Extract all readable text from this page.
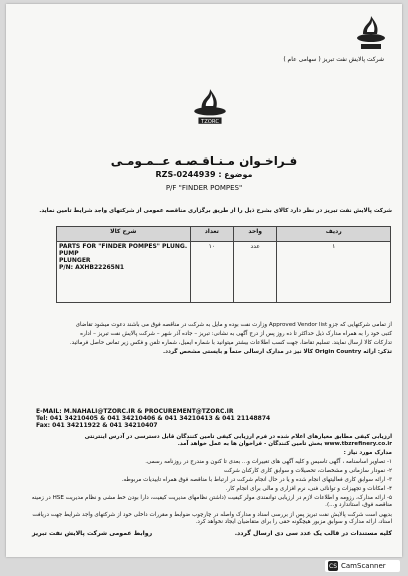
شرکت پالایش نفت تبریز ( سهامی عام )
TZORC
فـراخـوان مـنـاقـصـه عــمـومـی
موضوع : RZS-0244939
P/F "FINDER POMPES"
شرکت پالایش نفت تبریز در نظر دارد کالای بشرح ذیل را از طریق برگزاری مناقصه عمومی از شرکتهای واجد شرایط تامین نماید.
شرح کالا	تعداد	واحد	ردیف

PARTS FOR "FINDER POMPES" PLUNG. PUMP
PLUNGER
P/N: AXHB22265N1	۱۰	عدد	۱
از تمامی شرکتهایی که جزو Approved Vendor list وزارت نفت بوده و مایل به شرکت در مناقصه فوق می باشند دعوت میشود تقاضای
کتبی خود را به همراه مدارک ذیل حداکثر تا ده روز پس از درج آگهی به نشانی: تبریز – جاده آذر شهر – شرکت پالایش نفت تبریز – اداره
تدارکات کالا ارسال نمایند. تسلیم تقاضا، جهت کسب اطلاعات بیشتر میتوانید با شماره ایمیل، شماره تلفن و فکس زیر تماس حاصل فرمائید.
تذکر: ارائه Origin Country کالا نیز در مدارک ارسالی حتماً و بایستی مشخص گردد.
E-MAIL: M.NAHALI@TZORC.IR & PROCUREMENT@TZORC.IR
Tel: 041 34210405 & 041 34210406 & 041 34210413 & 041 21148874
Fax: 041 34211922 & 041 34210407
ارزیابی کیفی مطابق معیارهای اعلام شده در فرم ارزیابی کیفی تامین کنندگان قابل دسترسی در آدرس اینترنتی www.tbzrefinery.co.ir بخش تامین کنندگان - فراخوان ها به عمل خواهد آمد.
مدارک مورد نیاز :
۱- تصاویر اساسنامه ، آگهی تاسیس و کلیه آگهی های تغییرات و... بعدی تا کنون و مندرج در روزنامه رسمی.
۲- نمودار سازمانی و مشخصات، تحصیلات و سوابق کاری کارکنان شرکت
۳- ارائه سوابق کاری فعالیتهای انجام شده و یا در حال انجام شرکت در ارتباط با مناقصه فوق همراه تاییدیات مربوطه.
۴- امکانات و تجهیزات و توانائی فنی، نرم افزاری و مالی برای انجام کار.
۵- ارائه مدارک، رزومه و اطلاعات لازم در ارزیابی توانمندی مولر کیفیت (داشتن نظامهای مدیریت کیفیت، دارا بودن خط مشی و نظام مدیریت HSE در زمینه مناقصه فوق، استاندارد و...).
بدیهی است شرکت پالایش نفت تبریز پس از بررسی اسناد و مدارک واصله در چارچوب ضوابط و مقررات داخلی خود از شرکتهای واجد شرایط جهت دریافت اسناد، ارائه مدارک و سوابق مزبور هیچگونه حقی را برای متقاضیان ایجاد نخواهد کرد.
کلیه مستندات در قالب یک عدد سی دی ارسال گردد.
روابط عمومی شرکت پالایش نفت تبریز
CS CamScanner
